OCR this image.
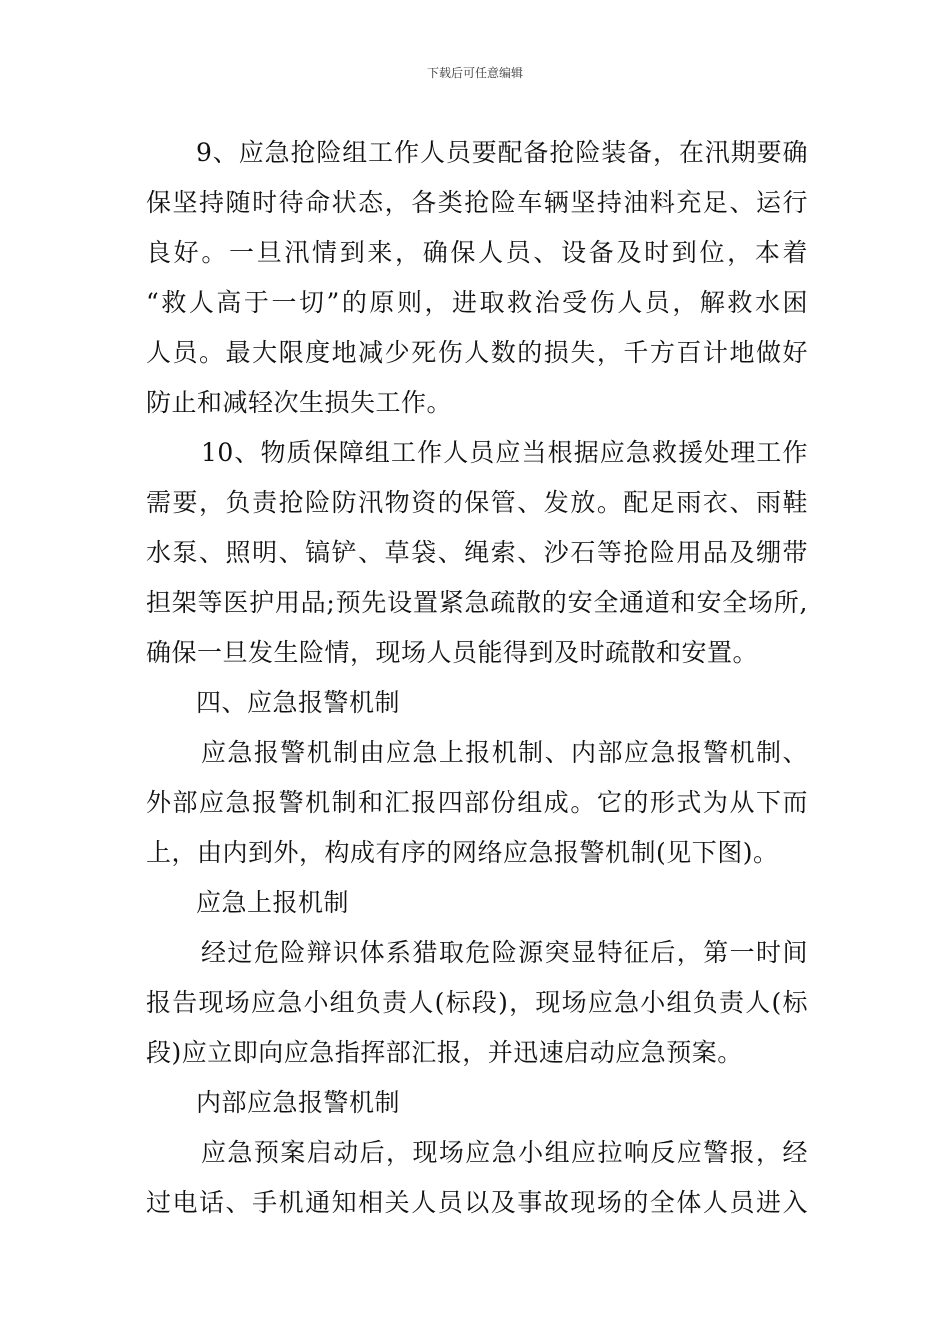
下载后可任意编辑
9、应急抢险组工作人员要配备抢险装备，在汛期要确
保坚持随时待命状态，各类抢险车辆坚持油料充足、运行
良好。一旦汛情到来，确保人员、设备及时到位，本着
“救人高于一切”的原则，进取救治受伤人员，解救水困
人员。最大限度地减少死伤人数的损失，千方百计地做好
防止和减轻次生损失工作。
10、物质保障组工作人员应当根据应急救援处理工作
需要，负责抢险防汛物资的保管、发放。配足雨衣、雨鞋
水泵、照明、镐铲、草袋、绳索、沙石等抢险用品及绷带
担架等医护用品;预先设置紧急疏散的安全通道和安全场所,
确保一旦发生险情，现场人员能得到及时疏散和安置。
四、应急报警机制
应急报警机制由应急上报机制、内部应急报警机制、
外部应急报警机制和汇报四部份组成。它的形式为从下而
上，由内到外，构成有序的网络应急报警机制(见下图)。
应急上报机制
经过危险辩识体系猎取危险源突显特征后，第一时间
报告现场应急小组负责人(标段)，现场应急小组负责人(标
段)应立即向应急指挥部汇报，并迅速启动应急预案。
内部应急报警机制
应急预案启动后，现场应急小组应拉响反应警报，经
过电话、手机通知相关人员以及事故现场的全体人员进入
